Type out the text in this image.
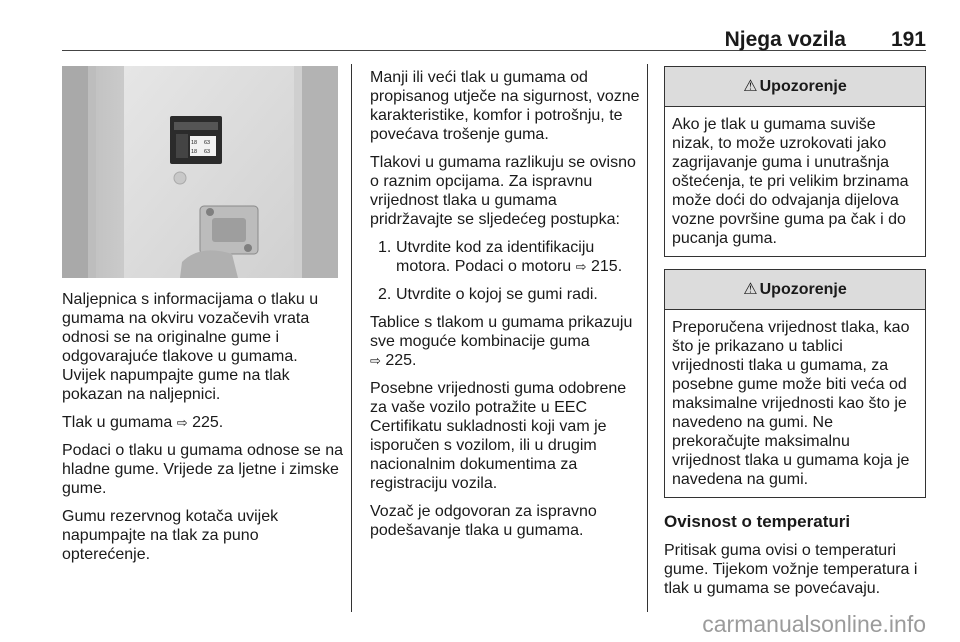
Njega vozila 191
18 63
18 63

Naljepnica s informacijama o tlaku u gumama na okviru vozačevih vrata odnosi se na originalne gume i odgovarajuće tlakove u gumama. Uvijek napumpajte gume na tlak pokazan na naljepnici.

Tlak u gumama ⇨ 225.

Podaci o tlaku u gumama odnose se na hladne gume. Vrijede za ljetne i zimske gume.

Gumu rezervnog kotača uvijek napumpajte na tlak za puno opterećenje.

Manji ili veći tlak u gumama od propisanog utječe na sigurnost, vozne karakteristike, komfor i potrošnju, te povećava trošenje guma.

Tlakovi u gumama razlikuju se ovisno o raznim opcijama. Za ispravnu vrijednost tlaka u gumama pridržavajte se sljedećeg postupka:

1. Utvrdite kod za identifikaciju motora. Podaci o motoru ⇨ 215.
2. Utvrdite o kojoj se gumi radi.

Tablice s tlakom u gumama prikazuju sve moguće kombinacije guma
⇨ 225.

Posebne vrijednosti guma odobrene za vaše vozilo potražite u EEC Certifikatu sukladnosti koji vam je isporučen s vozilom, ili u drugim nacionalnim dokumentima za registraciju vozila.

Vozač je odgovoran za ispravno podešavanje tlaka u gumama.

⚠ Upozorenje
Ako je tlak u gumama suviše nizak, to može uzrokovati jako zagrijavanje guma i unutrašnja oštećenja, te pri velikim brzinama može doći do odvajanja dijelova vozne površine guma pa čak i do pucanja guma.
⚠ Upozorenje
Preporučena vrijednost tlaka, kao što je prikazano u tablici vrijednosti tlaka u gumama, za posebne gume može biti veća od maksimalne vrijednosti kao što je navedeno na gumi. Ne prekoračujte maksimalnu vrijednost tlaka u gumama koja je navedena na gumi.
Ovisnost o temperaturi

Pritisak guma ovisi o temperaturi gume. Tijekom vožnje temperatura i tlak u gumama se povećavaju.

carmanualsonline.info
